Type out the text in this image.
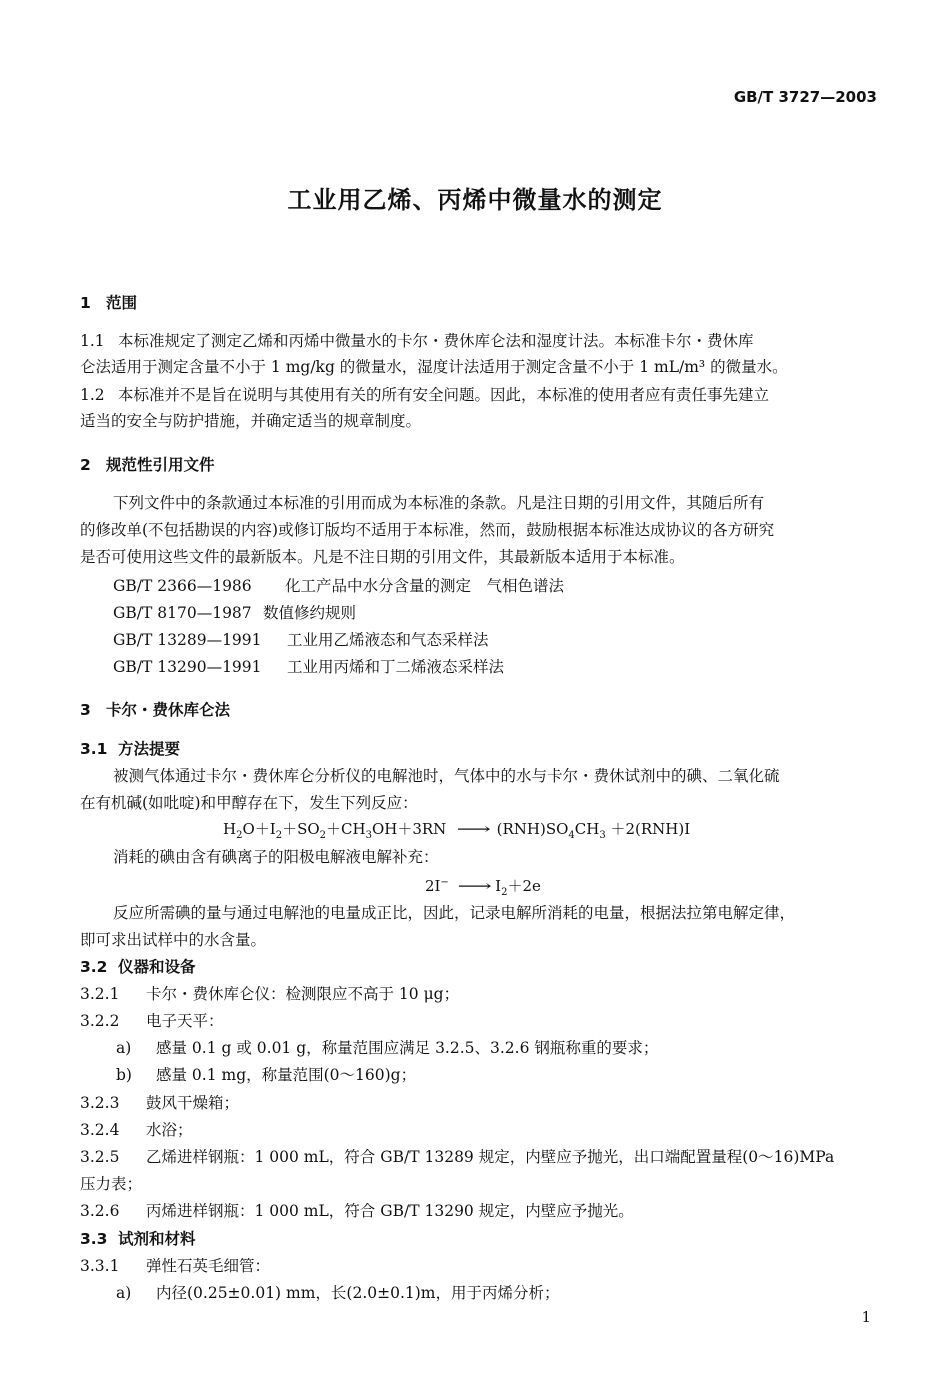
GB/T 3727—2003
工业用乙烯、丙烯中微量水的测定
1 范围
1.1 本标准规定了测定乙烯和丙烯中微量水的卡尔・费休库仑法和湿度计法。本标准卡尔・费休库
仑法适用于测定含量不小于 1 mg/kg 的微量水，湿度计法适用于测定含量不小于 1 mL/m³ 的微量水。
1.2 本标准并不是旨在说明与其使用有关的所有安全问题。因此，本标准的使用者应有责任事先建立
适当的安全与防护措施，并确定适当的规章制度。
2 规范性引用文件
下列文件中的条款通过本标准的引用而成为本标准的条款。凡是注日期的引用文件，其随后所有
的修改单(不包括勘误的内容)或修订版均不适用于本标准，然而，鼓励根据本标准达成协议的各方研究
是否可使用这些文件的最新版本。凡是不注日期的引用文件，其最新版本适用于本标准。
GB/T 2366—1986 化工产品中水分含量的测定　气相色谱法
GB/T 8170—1987 数值修约规则
GB/T 13289—1991 工业用乙烯液态和气态采样法
GB/T 13290—1991 工业用丙烯和丁二烯液态采样法
3 卡尔・费休库仑法
3.1 方法提要
被测气体通过卡尔・费休库仑分析仪的电解池时，气体中的水与卡尔・费休试剂中的碘、二氧化硫
在有机碱(如吡啶)和甲醇存在下，发生下列反应：
$H_2O+I_2+SO_2+CH_3OH+3RN$ ⟶ $(RNH)SO_4CH_3 +2(RNH)I$
消耗的碘由含有碘离子的阳极电解液电解补充：
2I− ⟶ $I_2+2e$
反应所需碘的量与通过电解池的电量成正比，因此，记录电解所消耗的电量，根据法拉第电解定律，
即可求出试样中的水含量。
3.2 仪器和设备
3.2.1 卡尔・费休库仑仪：检测限应不高于 10 μg；
3.2.2 电子天平：
a) 感量 0.1 g 或 0.01 g，称量范围应满足 3.2.5、3.2.6 钢瓶称重的要求；
b) 感量 0.1 mg，称量范围(0～160)g；
3.2.3 鼓风干燥箱；
3.2.4 水浴；
3.2.5 乙烯进样钢瓶：1 000 mL，符合 GB/T 13289 规定，内壁应予抛光，出口端配置量程(0～16)MPa
压力表；
3.2.6 丙烯进样钢瓶：1 000 mL，符合 GB/T 13290 规定，内壁应予抛光。
3.3 试剂和材料
3.3.1 弹性石英毛细管：
a) 内径(0.25±0.01) mm，长(2.0±0.1)m，用于丙烯分析；
1
